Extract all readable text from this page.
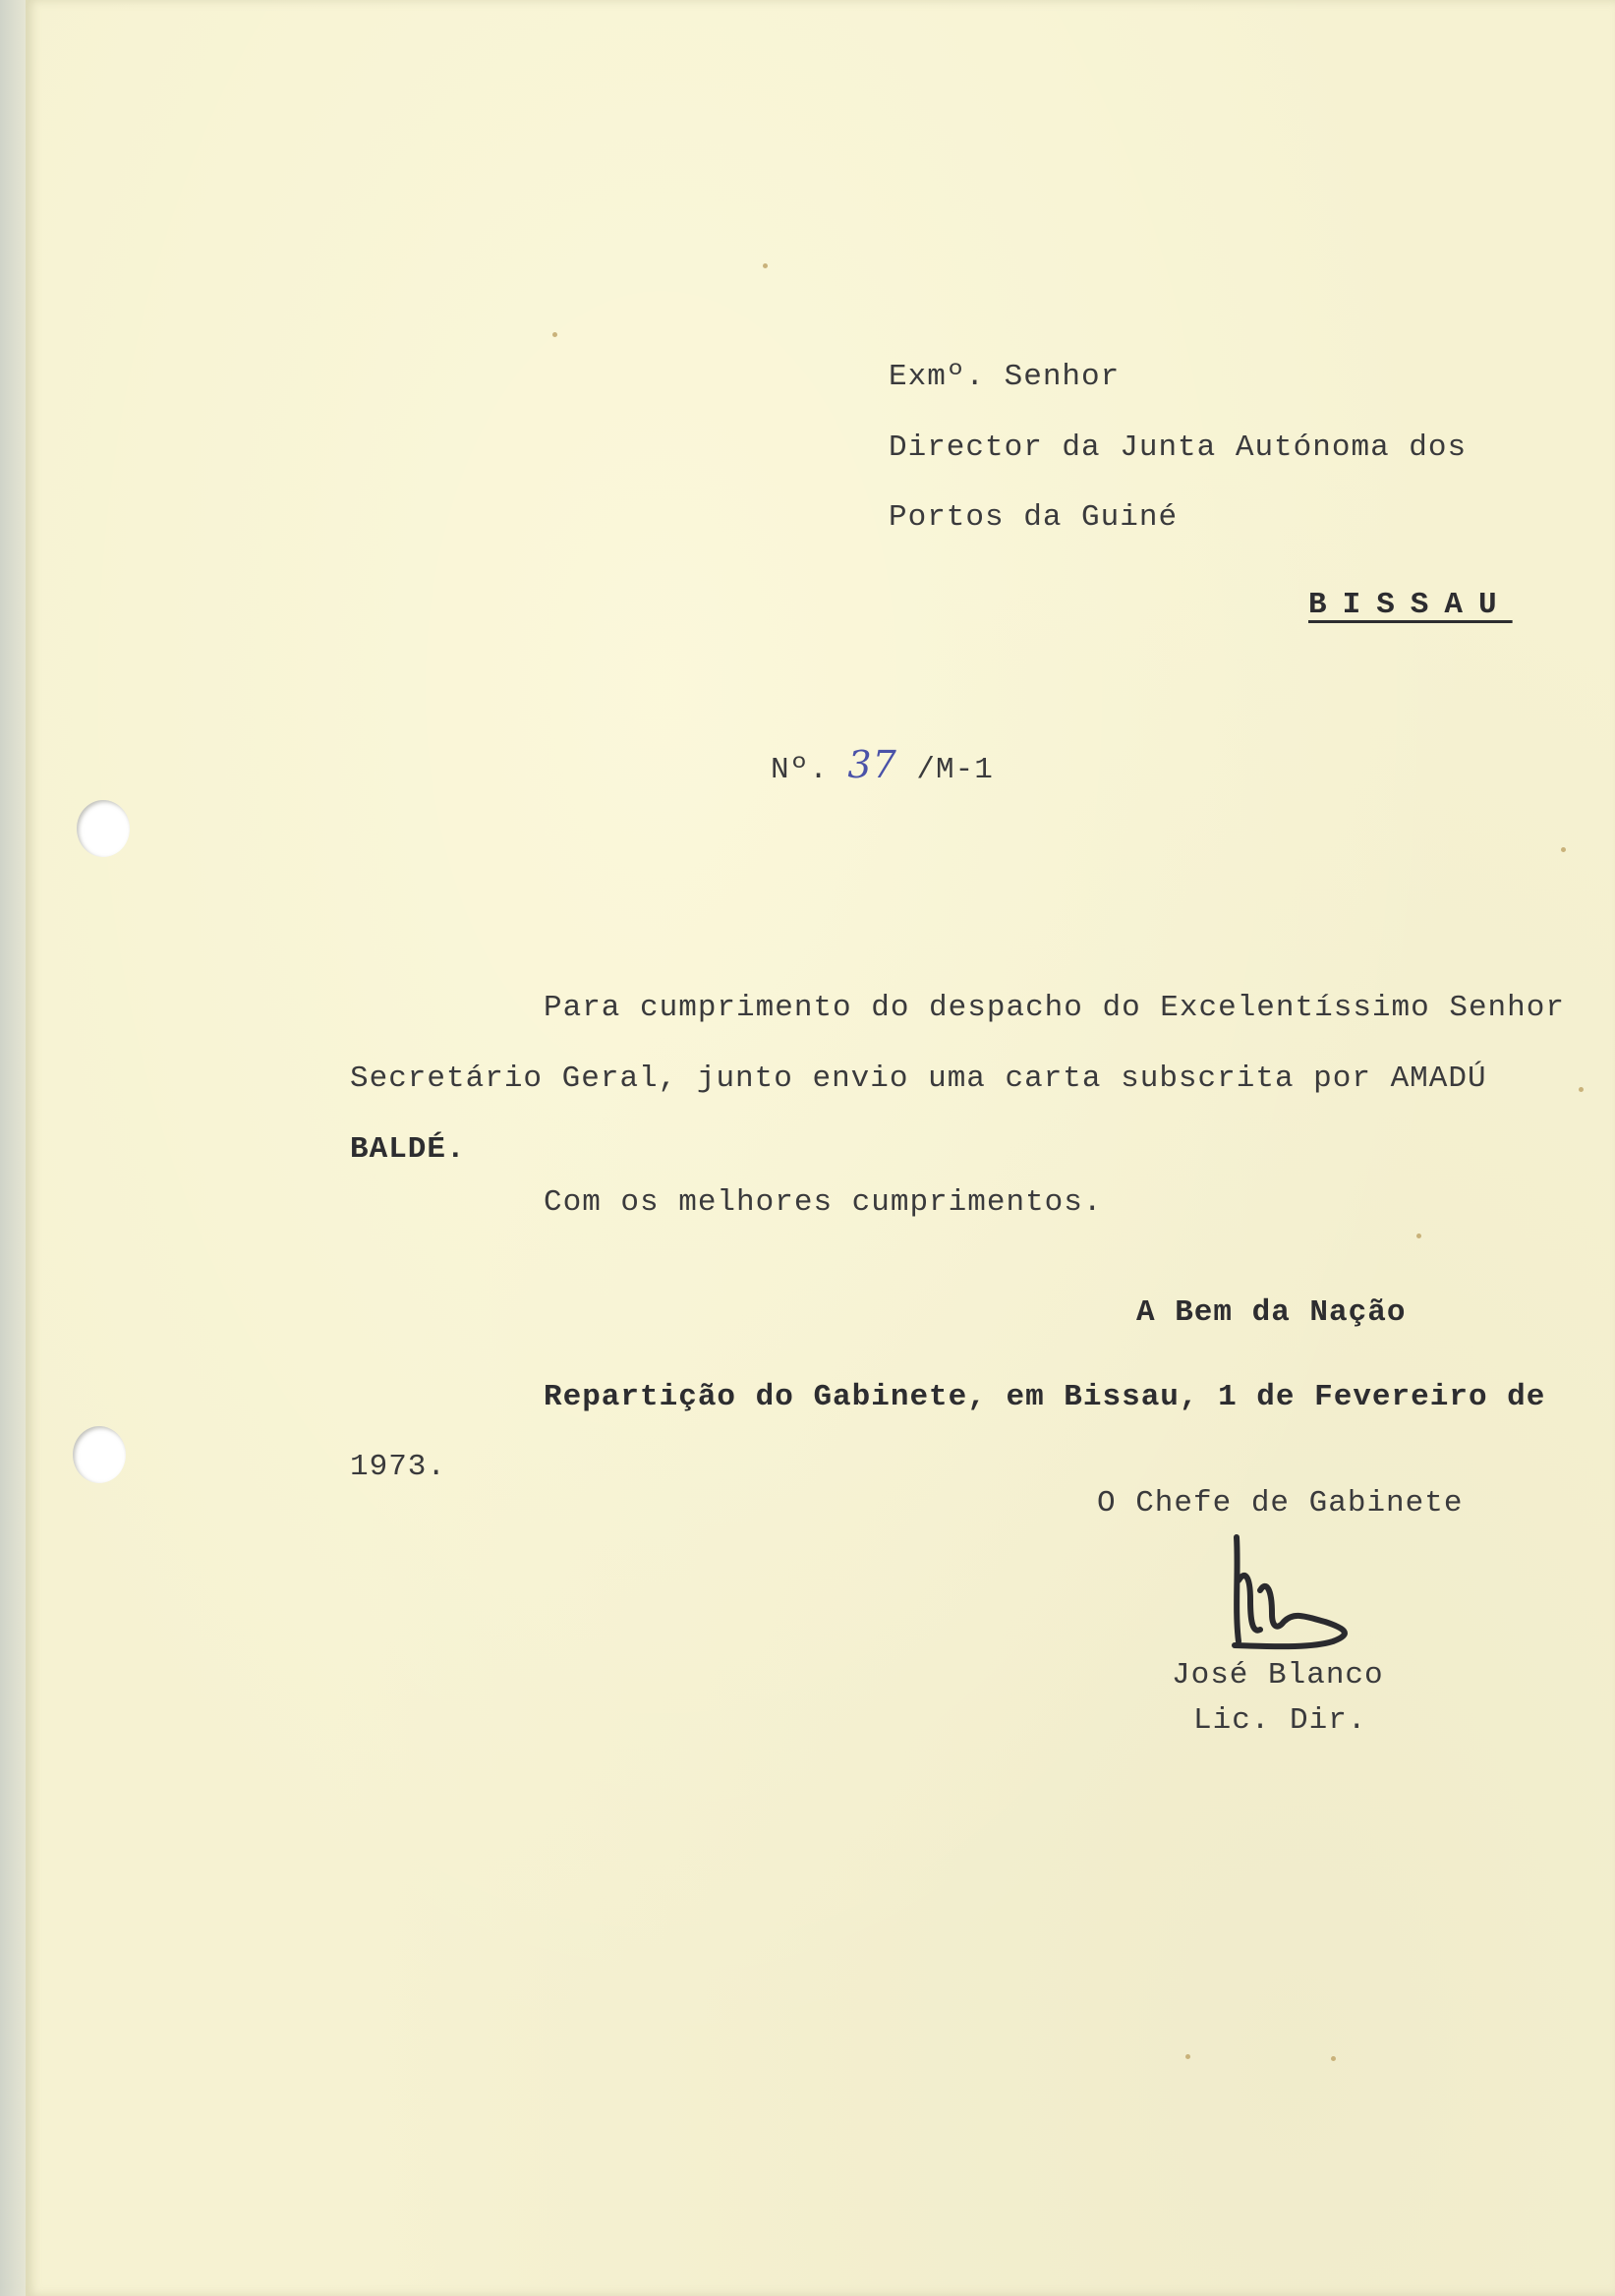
Exmº. Senhor
Director da Junta Autónoma dos
Portos da Guiné
BISSAU
Nº. 37 /M-1
Para cumprimento do despacho do Excelentíssimo Senhor
Secretário Geral, junto envio uma carta subscrita por AMADÚ
BALDÉ.
Com os melhores cumprimentos.
A Bem da Nação
Repartição do Gabinete, em Bissau, 1 de Fevereiro de
1973.
O Chefe de Gabinete
José Blanco
Lic. Dir.
